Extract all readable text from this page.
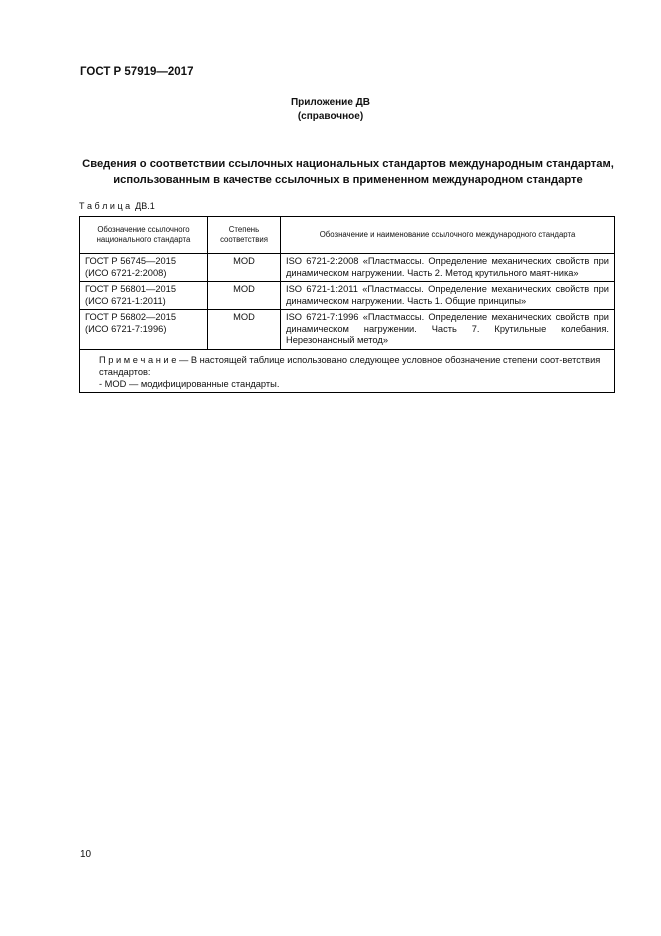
ГОСТ Р 57919—2017
Приложение ДВ
(справочное)
Сведения о соответствии ссылочных национальных стандартов международным стандартам, использованным в качестве ссылочных в примененном международном стандарте
Т а б л и ц а  ДВ.1
Обозначение ссылочного национального стандарта	Степень соответствия	Обозначение и наименование ссылочного международного стандарта
ГОСТ Р 56745—2015 (ИСО 6721-2:2008)	MOD	ISO 6721-2:2008 «Пластмассы. Определение механических свойств при динамическом нагружении. Часть 2. Метод крутильного маят-ника»
ГОСТ Р 56801—2015 (ИСО 6721-1:2011)	MOD	ISO 6721-1:2011 «Пластмассы. Определение механических свойств при динамическом нагружении. Часть 1. Общие принципы»
ГОСТ Р 56802—2015 (ИСО 6721-7:1996)	MOD	ISO 6721-7:1996 «Пластмассы. Определение механических свойств при динамическом нагружении. Часть 7. Крутильные колебания. Нерезонансный метод»

П р и м е ч а н и е — В настоящей таблице использовано следующее условное обозначение степени соот-ветствия стандартов:
- MOD — модифицированные стандарты.		
10
